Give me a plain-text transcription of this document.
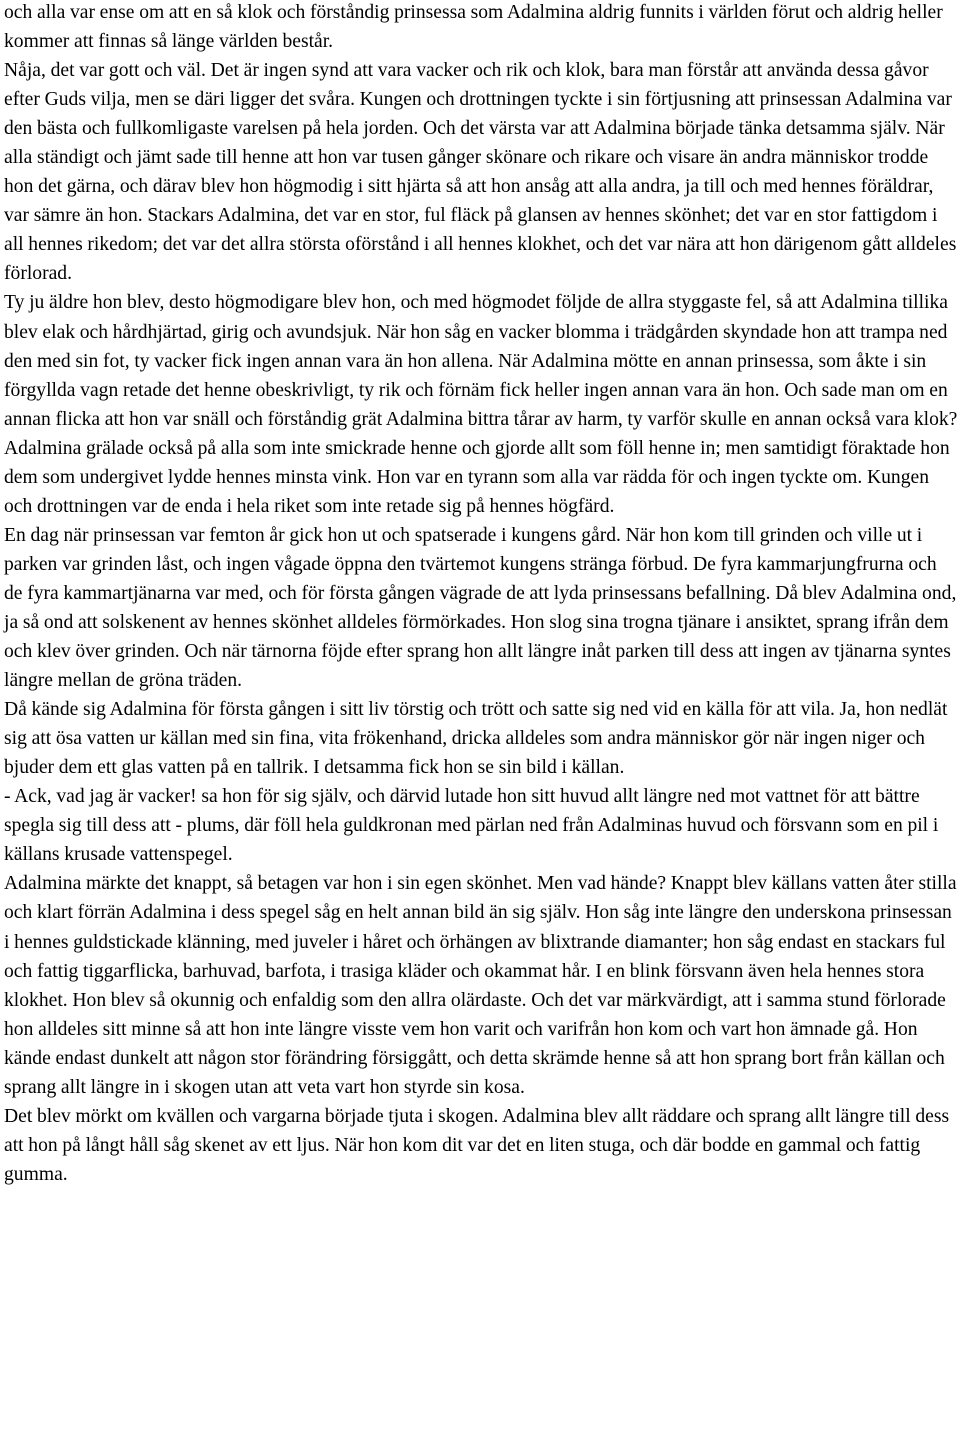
och alla var ense om att en så klok och förståndig prinsessa som Adalmina aldrig funnits i världen förut och aldrig heller kommer att finnas så länge världen består.

Nåja, det var gott och väl. Det är ingen synd att vara vacker och rik och klok, bara man förstår att använda dessa gåvor efter Guds vilja, men se däri ligger det svåra. Kungen och drottningen tyckte i sin förtjusning att prinsessan Adalmina var den bästa och fullkomligaste varelsen på hela jorden. Och det värsta var att Adalmina började tänka detsamma själv. När alla ständigt och jämt sade till henne att hon var tusen gånger skönare och rikare och visare än andra människor trodde hon det gärna, och därav blev hon högmodig i sitt hjärta så att hon ansåg att alla andra, ja till och med hennes föräldrar, var sämre än hon. Stackars Adalmina, det var en stor, ful fläck på glansen av hennes skönhet; det var en stor fattigdom i all hennes rikedom; det var det allra största oförstånd i all hennes klokhet, och det var nära att hon därigenom gått alldeles förlorad.

Ty ju äldre hon blev, desto högmodigare blev hon, och med högmodet följde de allra styggaste fel, så att Adalmina tillika blev elak och hårdhjärtad, girig och avundsjuk. När hon såg en vacker blomma i trädgården skyndade hon att trampa ned den med sin fot, ty vacker fick ingen annan vara än hon allena. När Adalmina mötte en annan prinsessa, som åkte i sin förgyllda vagn retade det henne obeskrivligt, ty rik och förnäm fick heller ingen annan vara än hon. Och sade man om en annan flicka att hon var snäll och förståndig grät Adalmina bittra tårar av harm, ty varför skulle en annan också vara klok?

Adalmina grälade också på alla som inte smickrade henne och gjorde allt som föll henne in; men samtidigt föraktade hon dem som undergivet lydde hennes minsta vink. Hon var en tyrann som alla var rädda för och ingen tyckte om. Kungen och drottningen var de enda i hela riket som inte retade sig på hennes högfärd.

En dag när prinsessan var femton år gick hon ut och spatserade i kungens gård. När hon kom till grinden och ville ut i parken var grinden låst, och ingen vågade öppna den tvärtemot kungens stränga förbud. De fyra kammarjungfrurna och de fyra kammartjänarna var med, och för första gången vägrade de att lyda prinsessans befallning. Då blev Adalmina ond, ja så ond att solskenent av hennes skönhet alldeles förmörkades. Hon slog sina trogna tjänare i ansiktet, sprang ifrån dem och klev över grinden. Och när tärnorna föjde efter sprang hon allt längre inåt parken till dess att ingen av tjänarna syntes längre mellan de gröna träden.

Då kände sig Adalmina för första gången i sitt liv törstig och trött och satte sig ned vid en källa för att vila. Ja, hon nedlät sig att ösa vatten ur källan med sin fina, vita frökenhand, dricka alldeles som andra människor gör när ingen niger och bjuder dem ett glas vatten på en tallrik. I detsamma fick hon se sin bild i källan.

- Ack, vad jag är vacker! sa hon för sig själv, och därvid lutade hon sitt huvud allt längre ned mot vattnet för att bättre spegla sig till dess att - plums, där föll hela guldkronan med pärlan ned från Adalminas huvud och försvann som en pil i källans krusade vattenspegel.

Adalmina märkte det knappt, så betagen var hon i sin egen skönhet. Men vad hände? Knappt blev källans vatten åter stilla och klart förrän Adalmina i dess spegel såg en helt annan bild än sig själv. Hon såg inte längre den underskona prinsessan i hennes guldstickade klänning, med juveler i håret och örhängen av blixtrande diamanter; hon såg endast en stackars ful och fattig tiggarflicka, barhuvad, barfota, i trasiga kläder och okammat hår. I en blink försvann även hela hennes stora klokhet. Hon blev så okunnig och enfaldig som den allra olärdaste. Och det var märkvärdigt, att i samma stund förlorade hon alldeles sitt minne så att hon inte längre visste vem hon varit och varifrån hon kom och vart hon ämnade gå. Hon kände endast dunkelt att någon stor förändring försiggått, och detta skrämde henne så att hon sprang bort från källan och sprang allt längre in i skogen utan att veta vart hon styrde sin kosa.

Det blev mörkt om kvällen och vargarna började tjuta i skogen. Adalmina blev allt räddare och sprang allt längre till dess att hon på långt håll såg skenet av ett ljus. När hon kom dit var det en liten stuga, och där bodde en gammal och fattig gumma.
